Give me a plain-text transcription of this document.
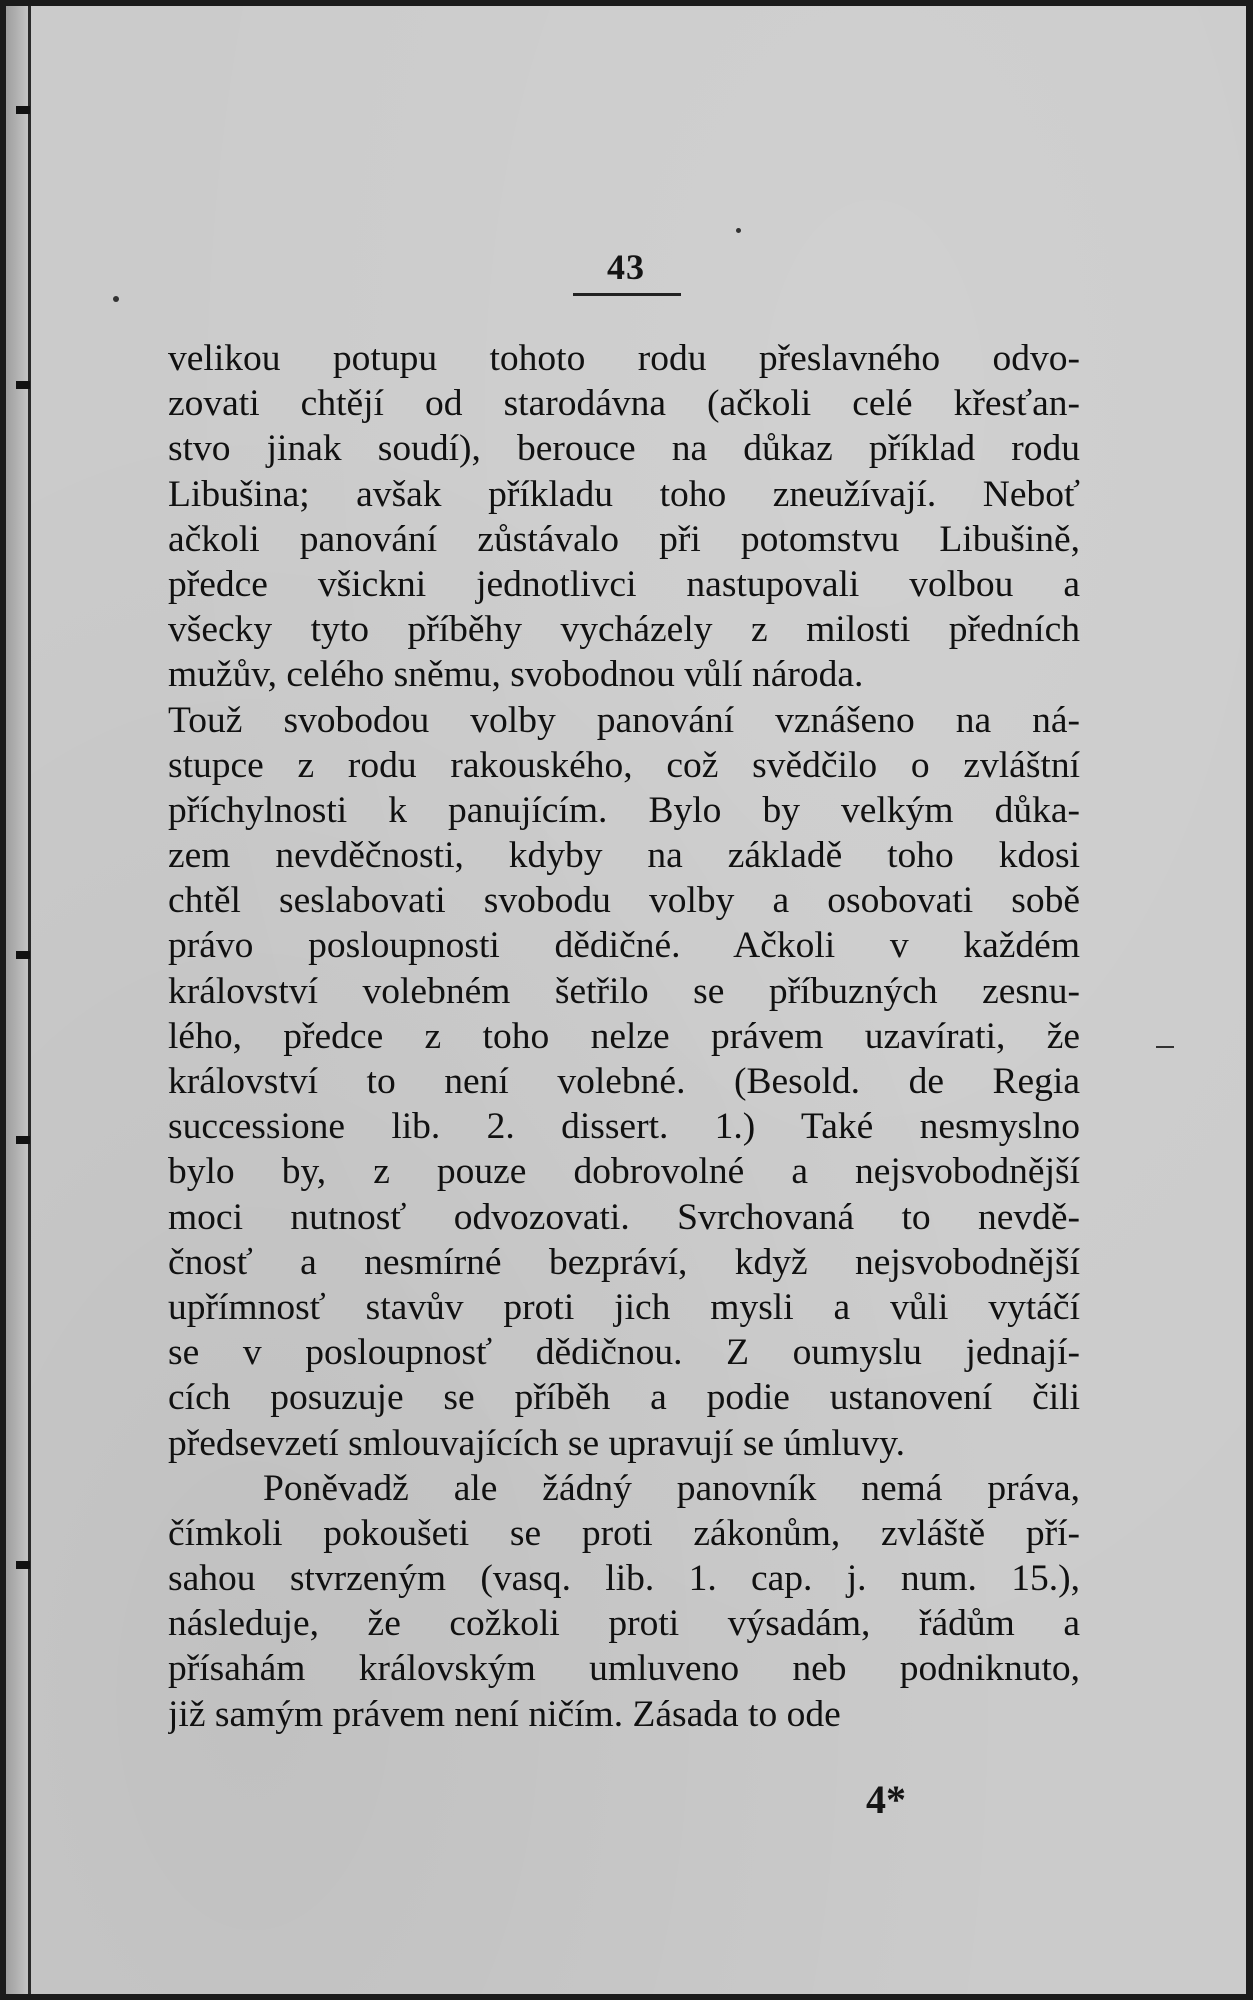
43
velikou potupu tohoto rodu přeslavného odvo-
zovati chtějí od starodávna (ačkoli celé křesťan-
stvo jinak soudí), berouce na důkaz příklad rodu
Libušina; avšak příkladu toho zneužívají. Neboť
ačkoli panování zůstávalo při potomstvu Libušině,
předce všickni jednotlivci nastupovali volbou a
všecky tyto příběhy vycházely z milosti předních
mužův, celého sněmu, svobodnou vůlí národa.
Touž svobodou volby panování vznášeno na ná-
stupce z rodu rakouského, což svědčilo o zvláštní
příchylnosti k panujícím. Bylo by velkým důka-
zem nevděčnosti, kdyby na základě toho kdosi
chtěl seslabovati svobodu volby a osobovati sobě
právo posloupnosti dědičné. Ačkoli v každém
království volebném šetřilo se příbuzných zesnu-
lého, předce z toho nelze právem uzavírati, že
království to není volebné. (Besold. de Regia
successione lib. 2. dissert. 1.) Také nesmyslno
bylo by, z pouze dobrovolné a nejsvobodnější
moci nutnosť odvozovati. Svrchovaná to nevdě-
čnosť a nesmírné bezpráví, když nejsvobodnější
upřímnosť stavův proti jich mysli a vůli vytáčí
se v posloupnosť dědičnou. Z oumyslu jednají-
cích posuzuje se příběh a podie ustanovení čili
předsevzetí smlouvajících se upravují se úmluvy.
Poněvadž ale žádný panovník nemá práva,
čímkoli pokoušeti se proti zákonům, zvláště pří-
sahou stvrzeným (vasq. lib. 1. cap. j. num. 15.),
následuje, že cožkoli proti výsadám, řádům a
přísahám královským umluveno neb podniknuto,
již samým právem není ničím. Zásada to ode
4*
